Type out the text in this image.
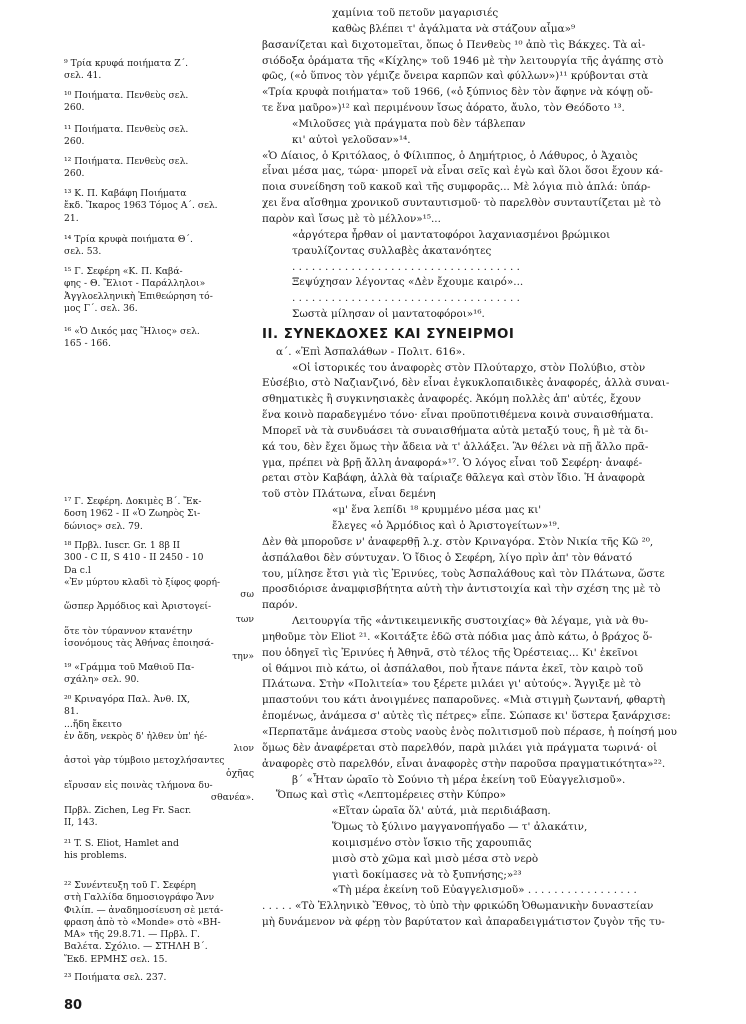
⁹ Τρία κρυφά ποιήματα Ζ΄.
σελ. 41.
¹⁰ Ποιήματα. Πενθεὺς σελ.
260.
¹¹ Ποιήματα. Πενθεὺς σελ.
260.
¹² Ποιήματα. Πενθεὺς σελ.
260.
¹³ Κ. Π. Καβάφη Ποιήματα
ἔκδ. Ἴκαρος 1963 Τόμος Α΄. σελ.
21.
¹⁴ Τρία κρυφὰ ποιήματα Θ΄.
σελ. 53.
¹⁵ Γ. Σεφέρη «Κ. Π. Καβά-
φης - Θ. Ἔλιοτ - Παράλληλοι»
Ἀγγλοελληνικὴ Ἐπιθεώρηση τό-
μος Γ΄. σελ. 36.
¹⁶ «Ὁ Δικός μας Ἥλιος» σελ.
165 - 166.
¹⁷ Γ. Σεφέρη. Δοκιμὲς Β΄. Ἔκ-
δοση 1962 - ΙΙ «Ὁ Ζωηρὸς Σι-
δώνιος» σελ. 79.
¹⁸ Πρβλ. Iuscr. Gr. 1 8β ΙΙ
300 - C II, S 410 - II 2450 - 10
Da c.l
«Ἐν μύρτου κλαδὶ τὸ ξίφος φορή-
σω
ὥσπερ Ἁρμόδιος καὶ Ἀριστογεί-
των
ὅτε τὸν τύραννον κτανέτην
ἰσονόμους τὰς Ἀθήνας ἐποιησά-
την»
¹⁹ «Γράμμα τοῦ Μαθιοῦ Πα-
σχάλη» σελ. 90.
²⁰ Κριναγόρα Παλ. Ἀνθ. ΙΧ,
81.
...ἤδη ἔκειτο
ἐν ἄδη, νεκρὸς δ' ἦλθεν ὑπ' ἠέ-
λιον
ἀστοὶ γὰρ τύμβοιο μετοχλήσαντες
ὀχῆας
εἴρυσαν εἰς ποινὰς τλήμονα δυ-
σθανέα».
Πρβλ. Zichen, Leg Fr. Sacr.
II, 143.
²¹ T. S. Eliot, Hamlet and
his problems.
²² Συνέντευξη τοῦ Γ. Σεφέρη
στὴ Γαλλίδα δημοσιογράφο Ἄνν
Φιλίπ. — ἀναδημοσίευση σὲ μετά-
φραση ἀπὸ τὸ «Monde» στὸ «ΒΗ-
ΜΑ» τῆς 29.8.71. — Πρβλ. Γ.
Βαλέτα. Σχόλιο. — ΣΤΗΛΗ Β΄.
Ἔκδ. ΕΡΜΗΣ σελ. 15.
²³ Ποιήματα σελ. 237.
χαμίνια τοῦ πετοῦν μαγαρισιές
καθὼς βλέπει τ' ἀγάλματα νὰ στάζουν αἷμα»⁹
βασανίζεται καὶ διχοτομεῖται, ὅπως ὁ Πενθεὺς ¹⁰ ἀπὸ τὶς Βάκχες. Τὰ αἰ-
σιόδοξα ὁράματα τῆς «Κίχλης» τοῦ 1946 μὲ τὴν λειτουργία τῆς ἀγάπης στὸ
φῶς, («ὁ ὕπνος τὸν γέμιζε ὄνειρα καρπῶν καὶ φύλλων»)¹¹ κρύβονται στὰ
«Τρία κρυφὰ ποιήματα» τοῦ 1966, («ὁ ξύπνιος δὲν τὸν ἄφηνε νὰ κόψῃ οὔ-
τε ἕνα μαῦρο»)¹² καὶ περιμένουν ἴσως ἀόρατο, ἄυλο, τὸν Θεόδοτο ¹³.
«Μιλοῦσες γιὰ πράγματα ποὺ δὲν τάβλεπαν
κι' αὐτοὶ γελοῦσαν»¹⁴.
«Ὁ Δίαιος, ὁ Κριτόλαος, ὁ Φίλιππος, ὁ Δημήτριος, ὁ Λάθυρος, ὁ Ἀχαιὸς
εἶναι μέσα μας, τώρα· μπορεῖ νὰ εἶναι σεῖς καὶ ἐγὼ καὶ ὅλοι ὅσοι ἔχουν κά-
ποια συνείδηση τοῦ κακοῦ καὶ τῆς συμφορᾶς... Μὲ λόγια πιὸ ἁπλά: ὑπάρ-
χει ἕνα αἴσθημα χρονικοῦ συνταυτισμοῦ· τὸ παρελθὸν συνταυτίζεται μὲ τὸ
παρὸν καὶ ἴσως μὲ τὸ μέλλον»¹⁵...
«ἀργότερα ἦρθαν οἱ μαντατοφόροι λαχανιασμένοι βρώμικοι
τραυλίζοντας συλλαβὲς ἀκατανόητες
. . . . . . . . . . . . . . . . . . . . . . . . . . . . . . . . . . .
Ξεψύχησαν λέγοντας «Δὲν ἔχουμε καιρό»...
. . . . . . . . . . . . . . . . . . . . . . . . . . . . . . . . . . .
Σωστὰ μίλησαν οἱ μαντατοφόροι»¹⁶.
II. ΣΥΝΕΚΔΟΧΕΣ ΚΑΙ ΣΥΝΕΙΡΜΟΙ
α΄. «Ἐπὶ Ἀσπαλάθων - Πολιτ. 616».
«Οἱ ἱστορικές του ἀναφορὲς στὸν Πλούταρχο, στὸν Πολύβιο, στὸν
Εὐσέβιο, στὸ Ναζιανζινό, δὲν εἶναι ἐγκυκλοπαιδικὲς ἀναφορές, ἀλλὰ συναι-
σθηματικὲς ἢ συγκινησιακὲς ἀναφορές. Ἀκόμη πολλὲς ἀπ' αὐτές, ἔχουν
ἕνα κοινὸ παραδεγμένο τόνο· εἶναι προϋποτιθέμενα κοινὰ συναισθήματα.
Μπορεῖ νὰ τὰ συνδυάσει τὰ συναισθήματα αὐτὰ μεταξύ τους, ἢ μὲ τὰ δι-
κά του, δὲν ἔχει ὅμως τὴν ἄδεια νὰ τ' ἀλλάξει. Ἂν θέλει νὰ πῇ ἄλλο πρᾶ-
γμα, πρέπει νὰ βρῇ ἄλλη ἀναφορά»¹⁷. Ὁ λόγος εἶναι τοῦ Σεφέρη· ἀναφέ-
ρεται στὸν Καβάφη, ἀλλὰ θὰ ταίριαζε θᾶλεγα καὶ στὸν ἴδιο. Ἡ ἀναφορὰ
τοῦ στὸν Πλάτωνα, εἶναι δεμένη
«μ' ἕνα λεπίδι ¹⁸ κρυμμένο μέσα μας κι'
ἔλεγες «ὁ Ἁρμόδιος καὶ ὁ Ἀριστογείτων»¹⁹.
Δὲν θὰ μποροῦσε ν' ἀναφερθῇ λ.χ. στὸν Κριναγόρα. Στὸν Νικία τῆς Κῶ ²⁰,
ἀσπάλαθοι δὲν σύντυχαν. Ὁ ἴδιος ὁ Σεφέρη, λίγο πρὶν ἀπ' τὸν θάνατό
του, μίλησε ἔτσι γιὰ τὶς Ἐρινύες, τοὺς Ἀσπαλάθους καὶ τὸν Πλάτωνα, ὥστε
προσδιόρισε ἀναμφισβήτητα αὐτὴ τὴν ἀντιστοιχία καὶ τὴν σχέση της μὲ τὸ
παρόν.
Λειτουργία τῆς «ἀντικειμενικῆς συστοιχίας» θὰ λέγαμε, γιὰ νὰ θυ-
μηθοῦμε τὸν Eliot ²¹. «Κοιτάξτε ἐδῶ στὰ πόδια μας ἀπὸ κάτω, ὁ βράχος ὅ-
που ὁδηγεῖ τὶς Ἐρινύες ἡ Ἀθηνᾶ, στὸ τέλος τῆς Ὀρέστειας... Κι' ἐκεῖνοι
οἱ θάμνοι πιὸ κάτω, οἱ ἀσπάλαθοι, ποὺ ἦτανε πάντα ἐκεῖ, τὸν καιρὸ τοῦ
Πλάτωνα. Στὴν «Πολιτεία» του ξέρετε μιλάει γι' αὐτούς». Ἄγγιξε μὲ τὸ
μπαστούνι του κάτι ἀνοιγμένες παπαροῦνες. «Μιὰ στιγμὴ ζωντανή, φθαρτὴ
ἐπομένως, ἀνάμεσα σ' αὐτὲς τὶς πέτρες» εἶπε. Σώπασε κι' ὕστερα ξανάρχισε:
«Περπατᾶμε ἀνάμεσα στοὺς ναοὺς ἑνὸς πολιτισμοῦ ποὺ πέρασε, ἡ ποίησή μου
ὅμως δὲν ἀναφέρεται στὸ παρελθόν, παρὰ μιλάει γιὰ πράγματα τωρινά· οἱ
ἀναφορὲς στὸ παρελθόν, εἶναι ἀναφορὲς στὴν παροῦσα πραγματικότητα»²².
β΄ «Ἦταν ὡραῖο τὸ Σούνιο τὴ μέρα ἐκείνη τοῦ Εὐαγγελισμοῦ».
Ὅπως καὶ στὶς «Λεπτομέρειες στὴν Κύπρο»
«Εἴταν ὡραῖα ὅλ' αὐτά, μιὰ περιδιάβαση.
Ὅμως τὸ ξύλινο μαγγανοπήγαδο — τ' ἀλακάτιν,
κοιμισμένο στὸν ἴσκιο τῆς χαρουπιᾶς
μισὸ στὸ χῶμα καὶ μισὸ μέσα στὸ νερὸ
γιατὶ δοκίμασες νὰ τὸ ξυπνήσης;»²³
«Τὴ μέρα ἐκείνη τοῦ Εὐαγγελισμοῦ» . . . . . . . . . . . . . . . . .
. . . . . «Τὸ Ἑλληνικὸ Ἔθνος, τὸ ὑπὸ τὴν φρικώδη Ὀθωμανικὴν δυναστείαν
μὴ δυνάμενον νὰ φέρῃ τὸν βαρύτατον καὶ ἀπαραδειγμάτιστον ζυγὸν τῆς τυ-
80
